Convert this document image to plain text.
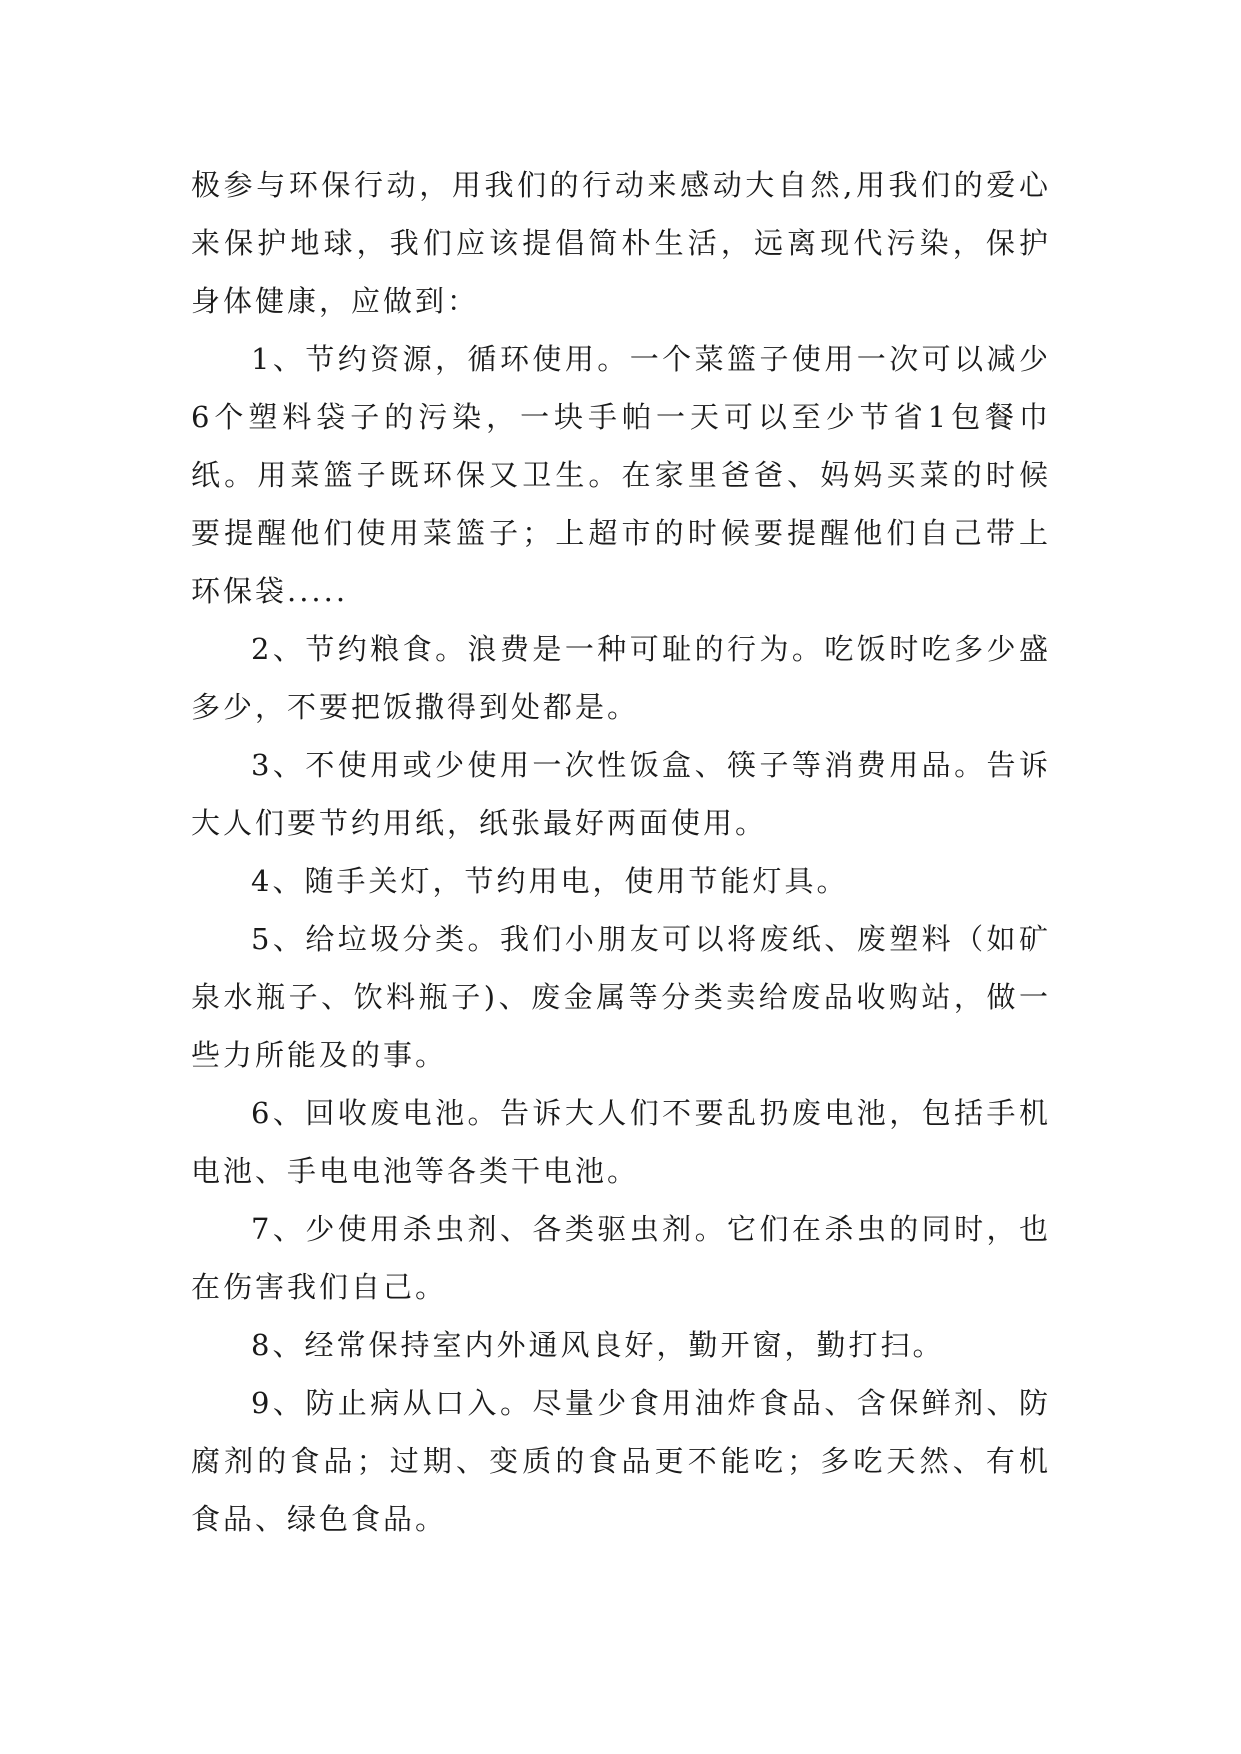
极参与环保行动，用我们的行动来感动大自然,用我们的爱心来保护地球，我们应该提倡简朴生活，远离现代污染，保护身体健康，应做到：

1、节约资源，循环使用。一个菜篮子使用一次可以减少6个塑料袋子的污染，一块手帕一天可以至少节省1包餐巾纸。用菜篮子既环保又卫生。在家里爸爸、妈妈买菜的时候要提醒他们使用菜篮子；上超市的时候要提醒他们自己带上环保袋.....

2、节约粮食。浪费是一种可耻的行为。吃饭时吃多少盛多少，不要把饭撒得到处都是。

3、不使用或少使用一次性饭盒、筷子等消费用品。告诉大人们要节约用纸，纸张最好两面使用。

4、随手关灯，节约用电，使用节能灯具。

5、给垃圾分类。我们小朋友可以将废纸、废塑料（如矿泉水瓶子、饮料瓶子)、废金属等分类卖给废品收购站，做一些力所能及的事。

6、回收废电池。告诉大人们不要乱扔废电池，包括手机电池、手电电池等各类干电池。

7、少使用杀虫剂、各类驱虫剂。它们在杀虫的同时，也在伤害我们自己。

8、经常保持室内外通风良好，勤开窗，勤打扫。

9、防止病从口入。尽量少食用油炸食品、含保鲜剂、防腐剂的食品；过期、变质的食品更不能吃；多吃天然、有机食品、绿色食品。
